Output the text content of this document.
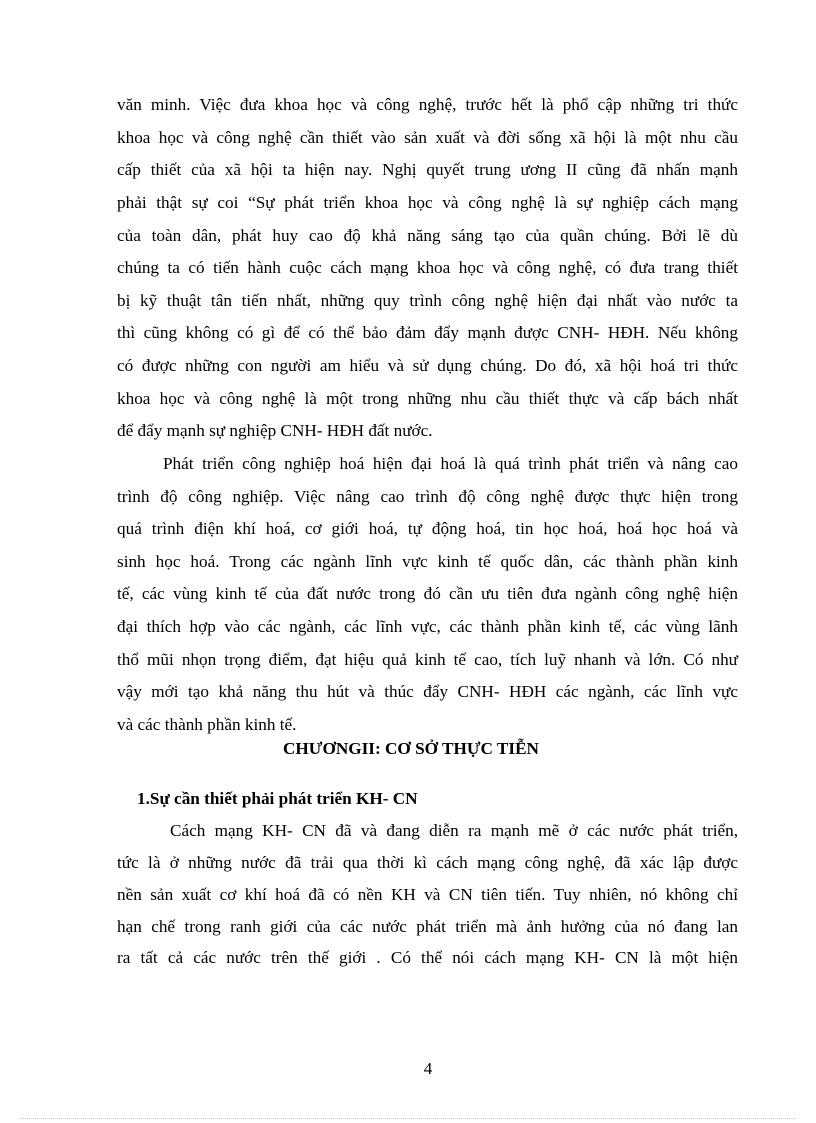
văn minh. Việc đưa khoa học và công nghệ, trước hết là phổ cập những tri thức
khoa học và công nghệ cần thiết vào sản xuất và đời sống xã hội là một nhu cầu
cấp thiết của xã hội ta hiện nay. Nghị quyết trung ương II cũng đã nhấn mạnh
phải thật sự coi “Sự phát triển khoa học và công nghệ là sự nghiệp cách mạng
của toàn dân, phát huy cao độ khả năng sáng tạo của quần chúng. Bởi lẽ dù
chúng ta có tiến hành cuộc cách mạng khoa học và công nghệ, có đưa trang thiết
bị kỹ thuật tân tiến nhất, những quy trình công nghệ hiện đại nhất vào nước ta
thì cũng không có gì để có thể bảo đảm đẩy mạnh được CNH- HĐH. Nếu không
có được những con người am hiểu và sử dụng chúng. Do đó, xã hội hoá tri thức
khoa học và công nghệ là một trong những nhu cầu thiết thực và cấp bách nhất
để đẩy mạnh sự nghiệp CNH- HĐH đất nước.
Phát triển công nghiệp hoá hiện đại hoá là quá trình phát triển và nâng cao
trình độ công nghiệp. Việc nâng cao trình độ công nghệ được thực hiện trong
quá trình điện khí hoá, cơ giới hoá, tự động hoá, tin học hoá, hoá học hoá và
sinh học hoá. Trong các ngành lĩnh vực kinh tế quốc dân, các thành phần kinh
tế, các vùng kinh tế của đất nước trong đó cần ưu tiên đưa ngành công nghệ hiện
đại thích hợp vào các ngành, các lĩnh vực, các thành phần kinh tế, các vùng lãnh
thổ mũi nhọn trọng điểm, đạt hiệu quả kinh tế cao, tích luỹ nhanh và lớn. Có như
vậy mới tạo khả năng thu hút và thúc đẩy CNH- HĐH các ngành, các lĩnh vực
và các thành phần kinh tế.
CHƯƠNGII: CƠ SỞ THỰC TIỄN
1.Sự cần thiết phải phát triển KH- CN
Cách mạng KH- CN đã và đang diễn ra mạnh mẽ ở các nước phát triển,
tức là ở những nước đã trải qua thời kì cách mạng công nghệ, đã xác lập được
nền sản xuất cơ khí hoá đã có nền KH và CN tiên tiến. Tuy nhiên, nó không chỉ
hạn chế trong ranh giới của các nước phát triển mà ảnh hưởng của nó đang lan
ra tất cả các nước trên thế giới . Có thể nói cách mạng KH- CN là một hiện
4
